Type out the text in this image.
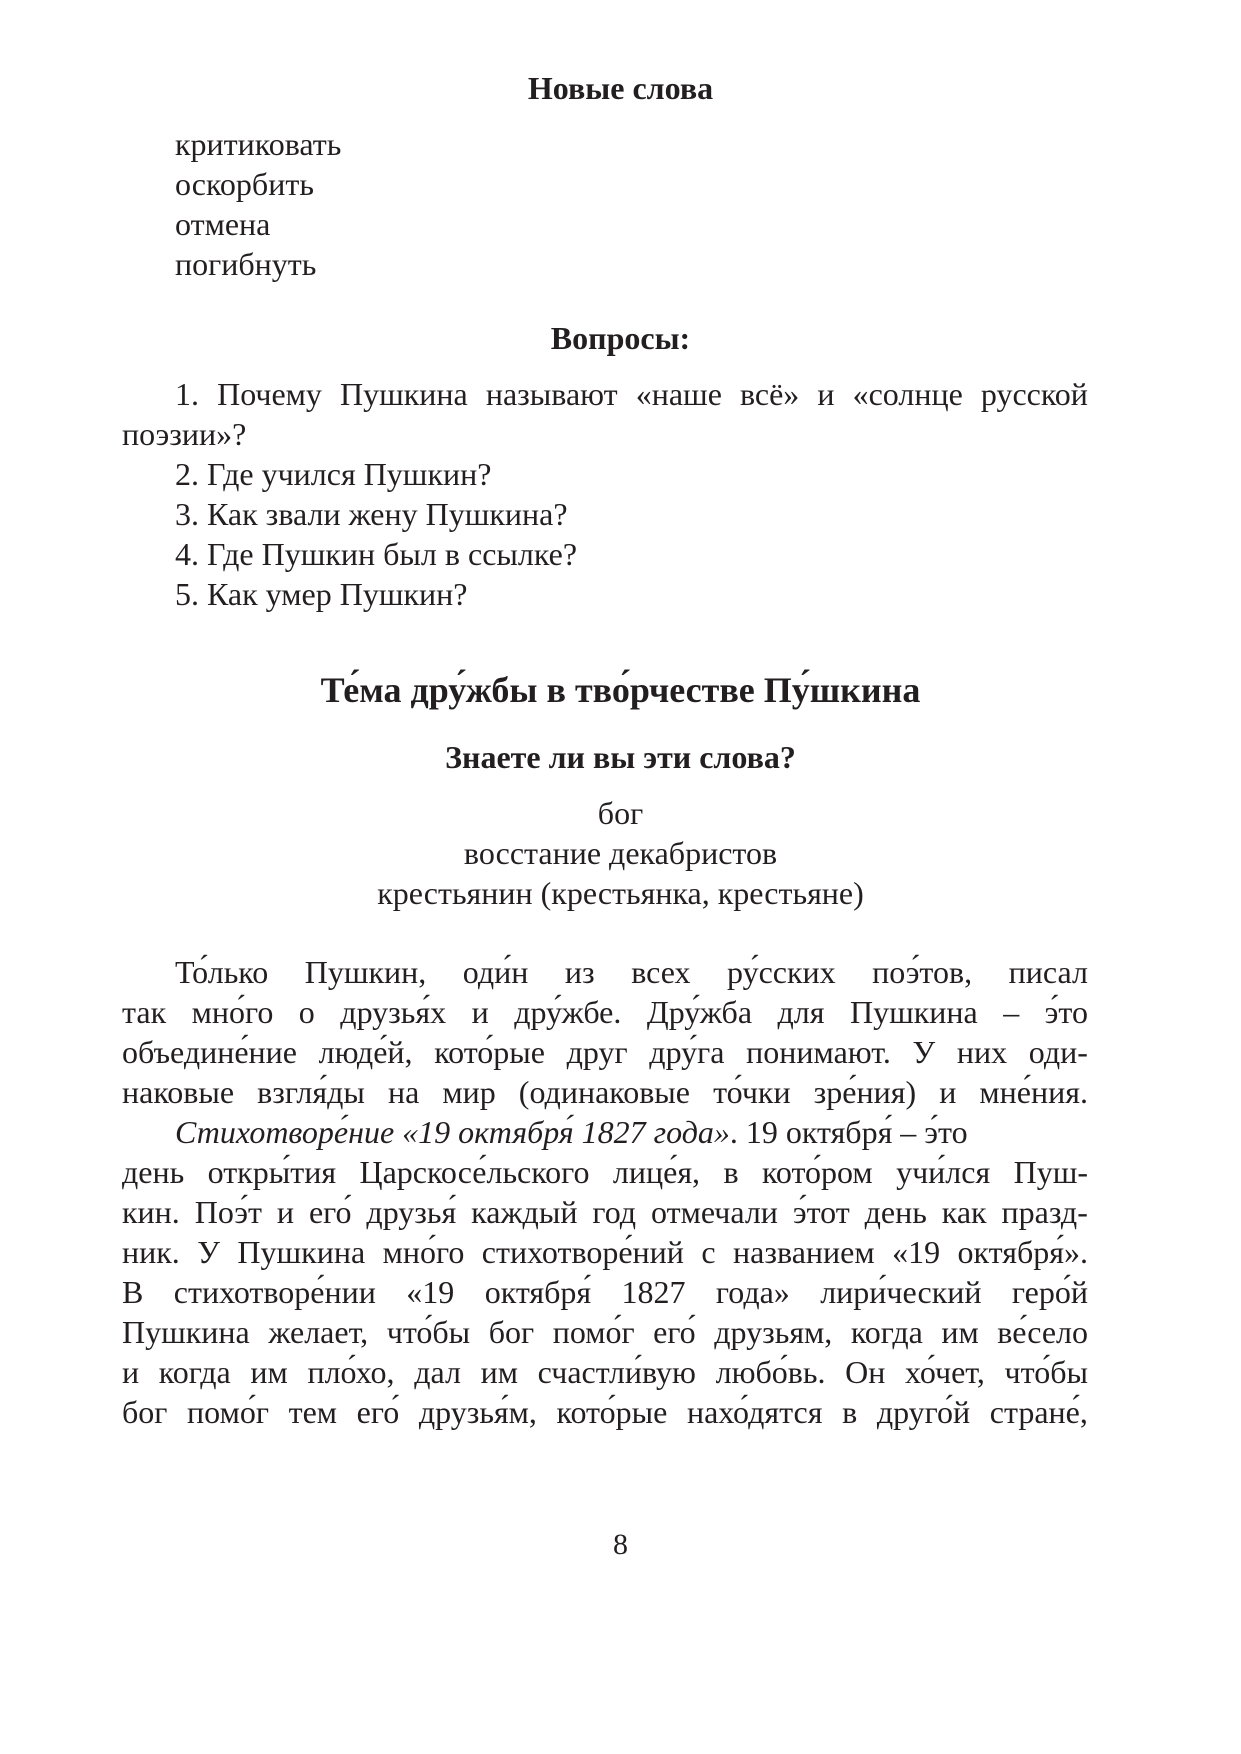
Новые слова
критиковать
оскорбить
отмена
погибнуть
Вопросы:
1. Почему Пушкина называют «наше всё» и «солнце русской
поэзии»?
2. Где учился Пушкин?
3. Как звали жену Пушкина?
4. Где Пушкин был в ссылке?
5. Как умер Пушкин?
Те́ма дру́жбы в тво́рчестве Пу́шкина
Знаете ли вы эти слова?
бог
восстание декабристов
крестьянин (крестьянка, крестьяне)
То́лько Пушкин, оди́н из всех ру́сских поэ́тов, писал
так мно́го о друзья́х и дру́жбе. Дру́жба для Пушкина – э́то
объедине́ние люде́й, кото́рые друг дру́га понимают. У них оди-
наковые взгля́ды на мир (одинаковые то́чки зре́ния) и мне́ния.
Стихотворе́ние «19 октября́ 1827 года». 19 октября́ – э́то
день откры́тия Царскосе́льского лице́я, в кото́ром учи́лся Пуш-
кин. Поэ́т и его́ друзья́ каждый год отмечали э́тот день как празд-
ник. У Пушкина мно́го стихотворе́ний с названием «19 октября́».
В стихотворе́нии «19 октября́ 1827 года» лири́ческий геро́й
Пушкина желает, что́бы бог помо́г его́ друзьям, когда им ве́село
и когда им пло́хо, дал им счастли́вую любо́вь. Он хо́чет, что́бы
бог помо́г тем его́ друзья́м, кото́рые нахо́дятся в друго́й стране́,
8
